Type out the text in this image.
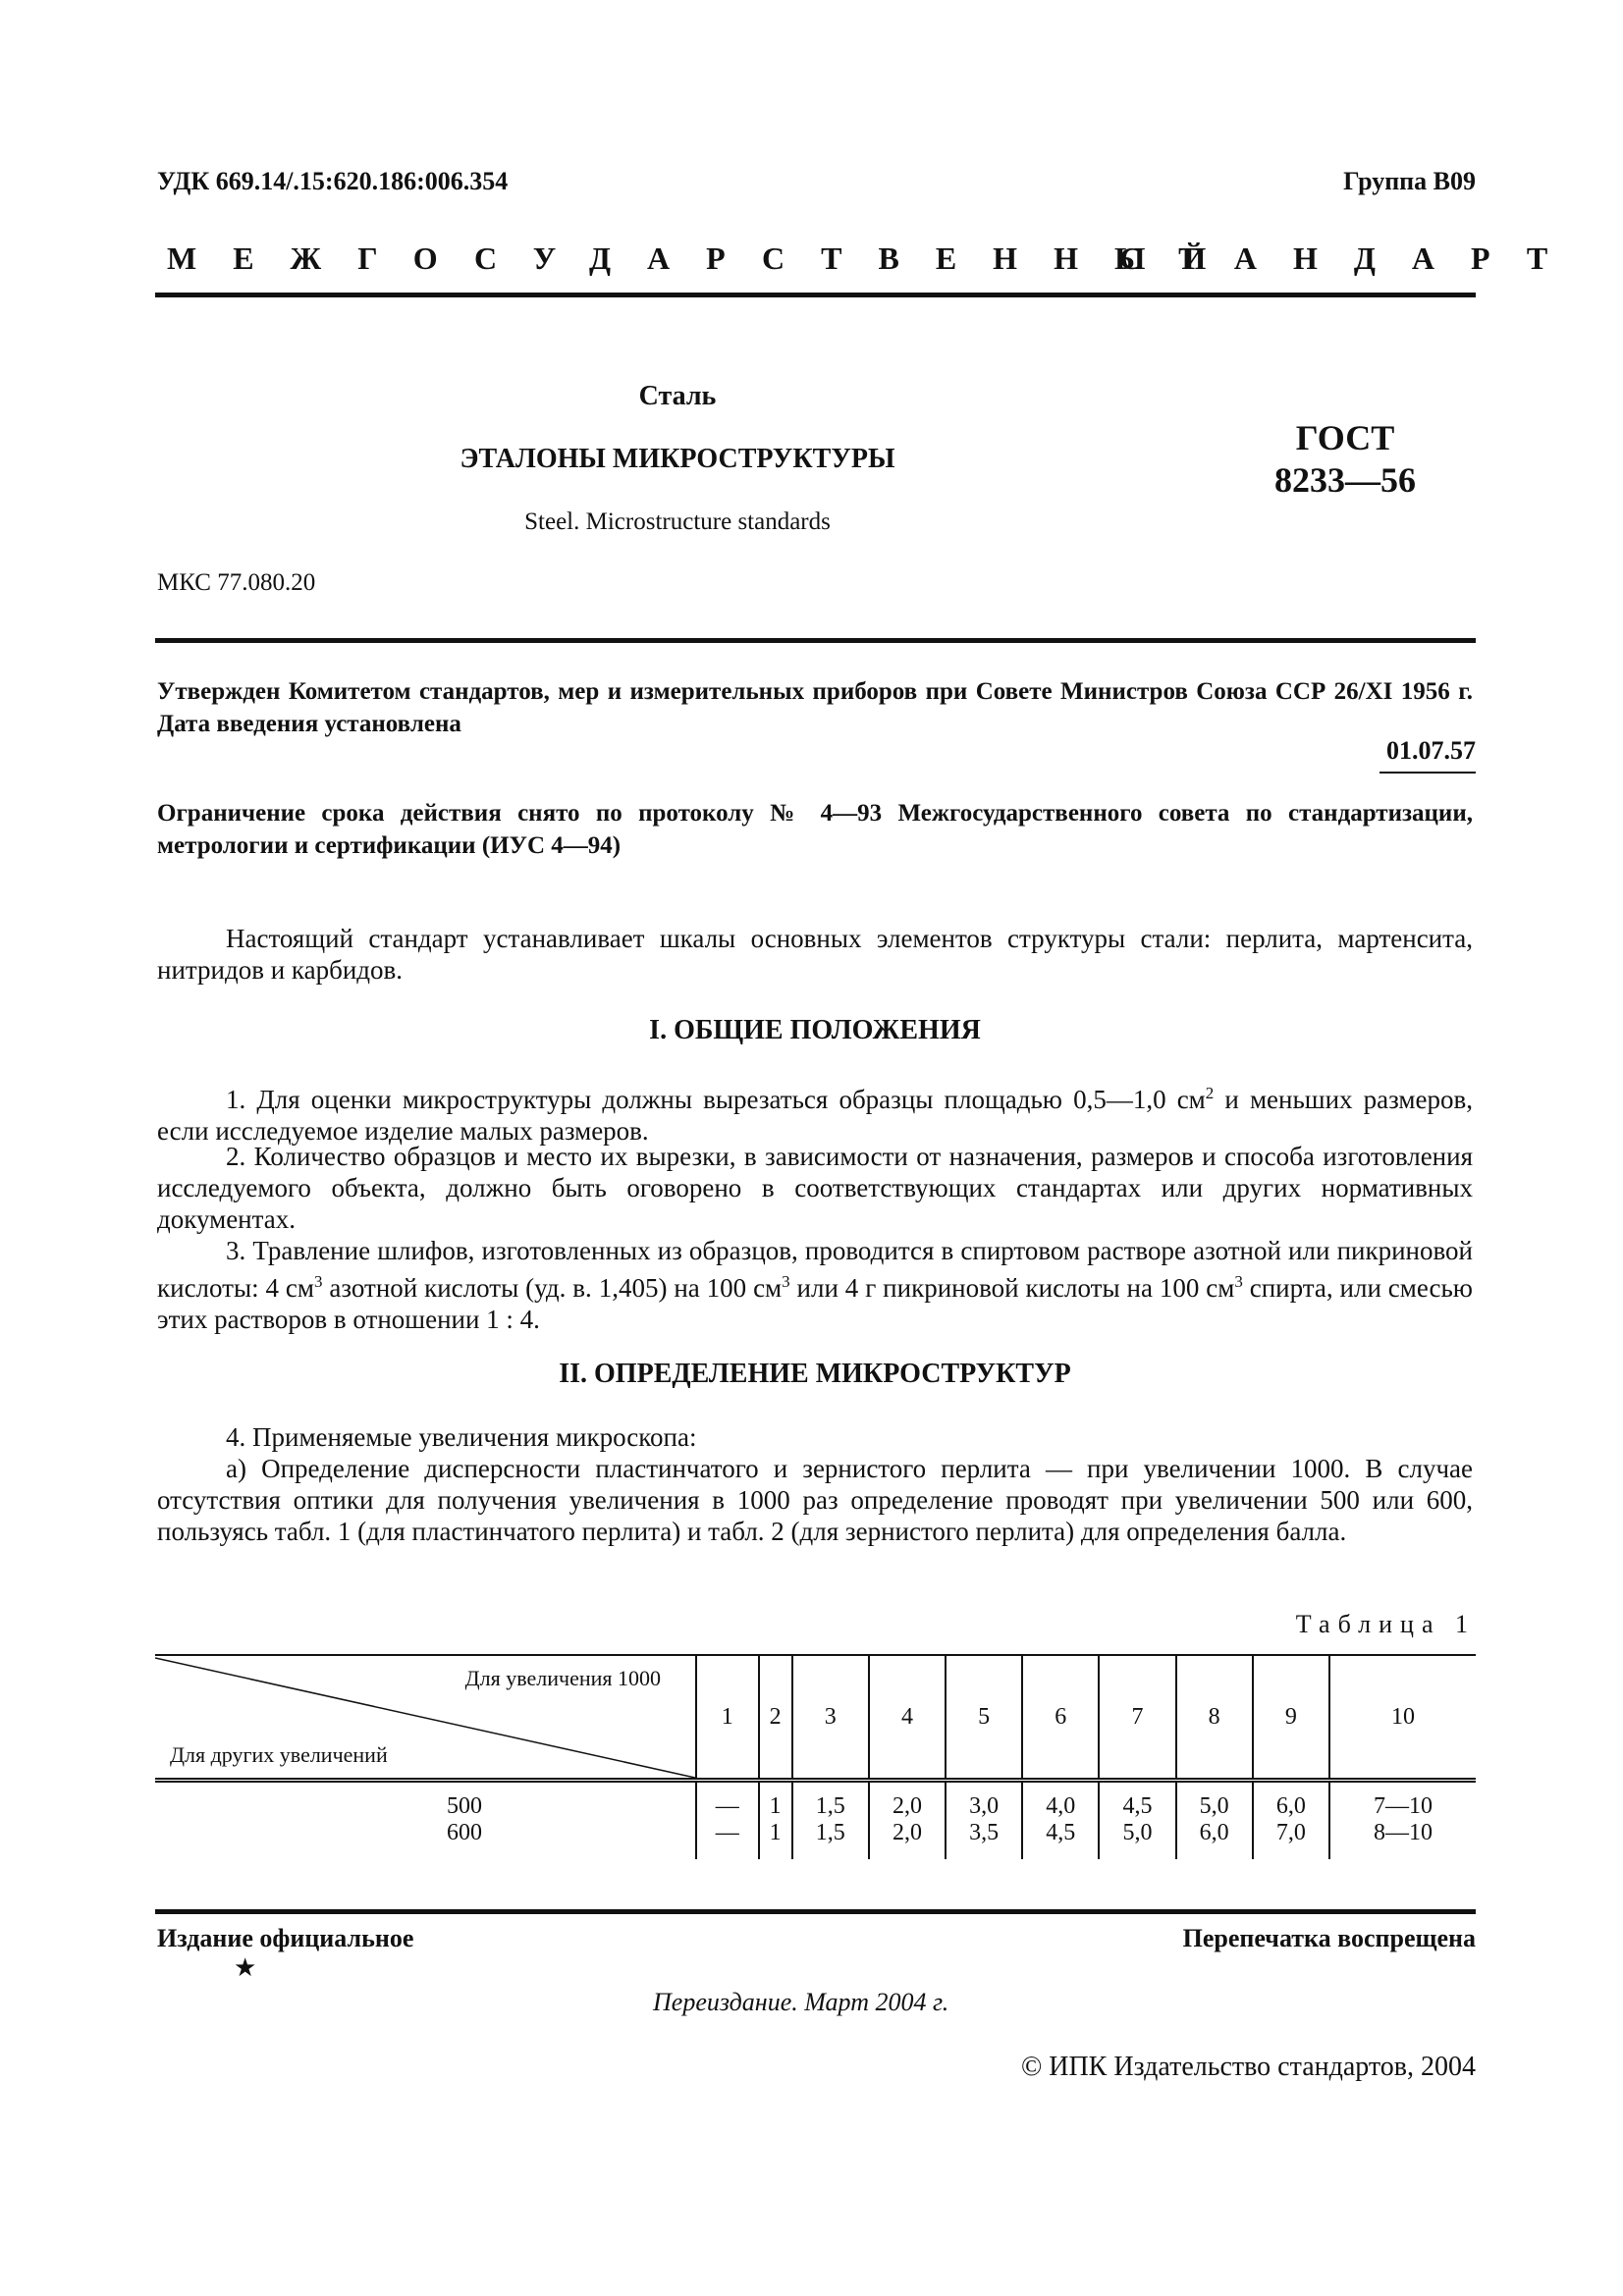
УДК 669.14/.15:620.186:006.354	Группа В09
МЕЖГОСУДАРСТВЕННЫЙ
СТАНДАРТ
Сталь
ЭТАЛОНЫ МИКРОСТРУКТУРЫ
Steel. Microstructure standards
ГОСТ
8233—56
МКС 77.080.20
Утвержден Комитетом стандартов, мер и измерительных приборов при Совете Министров Союза ССР 26/XI 1956 г. Дата введения установлена
01.07.57
Ограничение срока действия снято по протоколу № 4—93 Межгосударственного совета по стандартизации, метрологии и сертификации (ИУС 4—94)
Настоящий стандарт устанавливает шкалы основных элементов структуры стали: перлита, мартенсита, нитридов и карбидов.
I. ОБЩИЕ ПОЛОЖЕНИЯ
1. Для оценки микроструктуры должны вырезаться образцы площадью 0,5—1,0 $см^2$ и меньших размеров, если исследуемое изделие малых размеров.
2. Количество образцов и место их вырезки, в зависимости от назначения, размеров и способа изготовления исследуемого объекта, должно быть оговорено в соответствующих стандартах или других нормативных документах.
3. Травление шлифов, изготовленных из образцов, проводится в спиртовом растворе азотной или пикриновой кислоты: 4 $см^3$ азотной кислоты (уд. в. 1,405) на 100 $см^3$ или 4 г пикриновой кислоты на 100 $см^3$ спирта, или смесью этих растворов в отношении 1 : 4.
II. ОПРЕДЕЛЕНИЕ МИКРОСТРУКТУР
4. Применяемые увеличения микроскопа:
а) Определение дисперсности пластинчатого и зернистого перлита — при увеличении 1000. В случае отсутствия оптики для получения увеличения в 1000 раз определение проводят при увеличении 500 или 600, пользуясь табл. 1 (для пластинчатого перлита) и табл. 2 (для зернистого перлита) для определения балла.
Таблица 1
Для увеличения 1000
Для других увеличений	1	2	3	4	5	6	7	8	9	10
500	—	1	1,5	2,0	3,0	4,0	4,5	5,0	6,0	7—10
600	—	1	1,5	2,0	3,5	4,5	5,0	6,0	7,0	8—10
Издание официальное
★
Перепечатка воспрещена
Переиздание. Март 2004 г.
© ИПК Издательство стандартов, 2004
